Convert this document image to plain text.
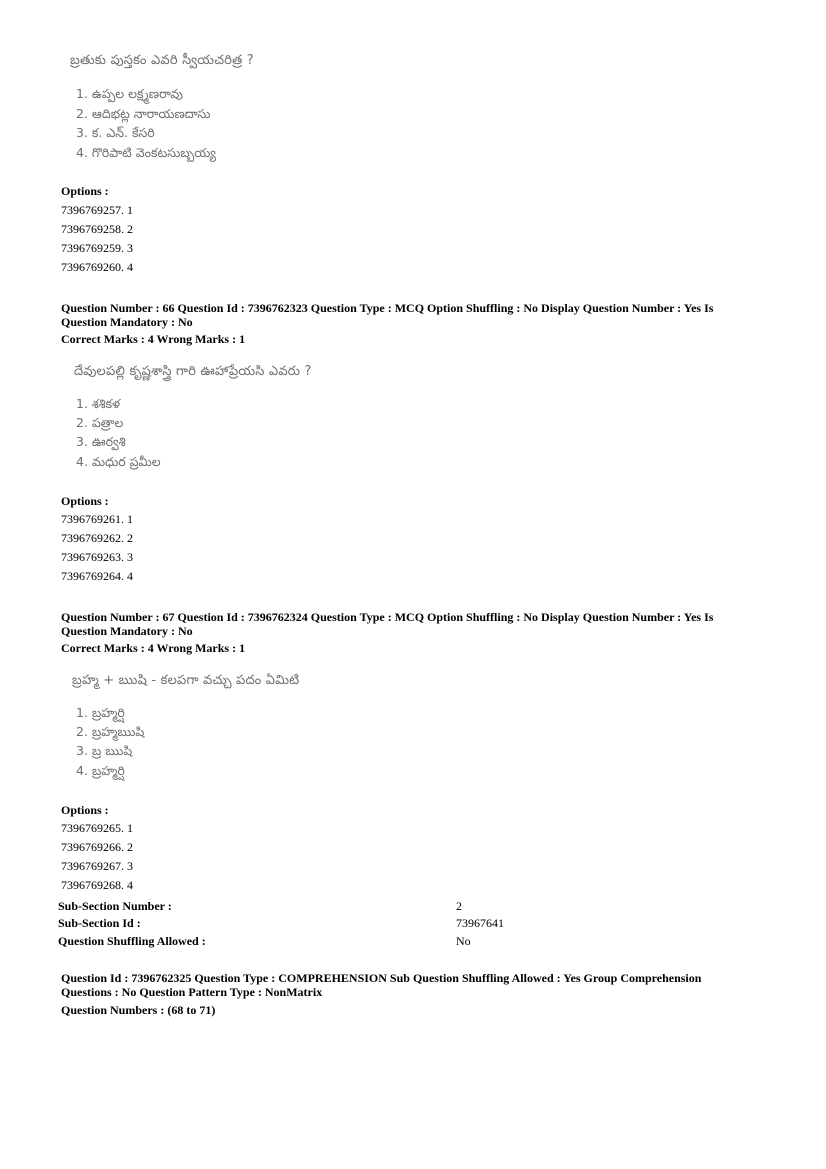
బ్రతుకు పుస్తకం ఎవరి స్వీయచరిత్ర ?
1. ఉప్పల లక్ష్మణరావు
2. ఆదిభట్ల నారాయణదాసు
3. క. ఎన్. కేసరి
4. గొరిపాటి వెంకటసుబ్బయ్య
Options :
7396769257. 1
7396769258. 2
7396769259. 3
7396769260. 4
Question Number : 66 Question Id : 7396762323 Question Type : MCQ Option Shuffling : No Display Question Number : Yes Is
Question Mandatory : No
Correct Marks : 4 Wrong Marks : 1
దేవులపల్లి కృష్ణశాస్త్రి గారి ఊహాప్రేయసి ఎవరు ?
1. శశికళ
2. పత్రాల
3. ఊర్వశి
4. మధుర ప్రమీల
Options :
7396769261. 1
7396769262. 2
7396769263. 3
7396769264. 4
Question Number : 67 Question Id : 7396762324 Question Type : MCQ Option Shuffling : No Display Question Number : Yes Is
Question Mandatory : No
Correct Marks : 4 Wrong Marks : 1
బ్రహ్మ + ఋషి - కలపగా వచ్చు పదం ఏమిటి
1. బ్రహ్మర్షి
2. బ్రహ్మఋషి
3. బ్ర ఋషి
4. బ్రహ్మర్షి
Options :
7396769265. 1
7396769266. 2
7396769267. 3
7396769268. 4
Sub-Section Number :	2
Sub-Section Id :	73967641
Question Shuffling Allowed :	No
Question Id : 7396762325 Question Type : COMPREHENSION Sub Question Shuffling Allowed : Yes Group Comprehension
Questions : No Question Pattern Type : NonMatrix
Question Numbers : (68 to 71)
